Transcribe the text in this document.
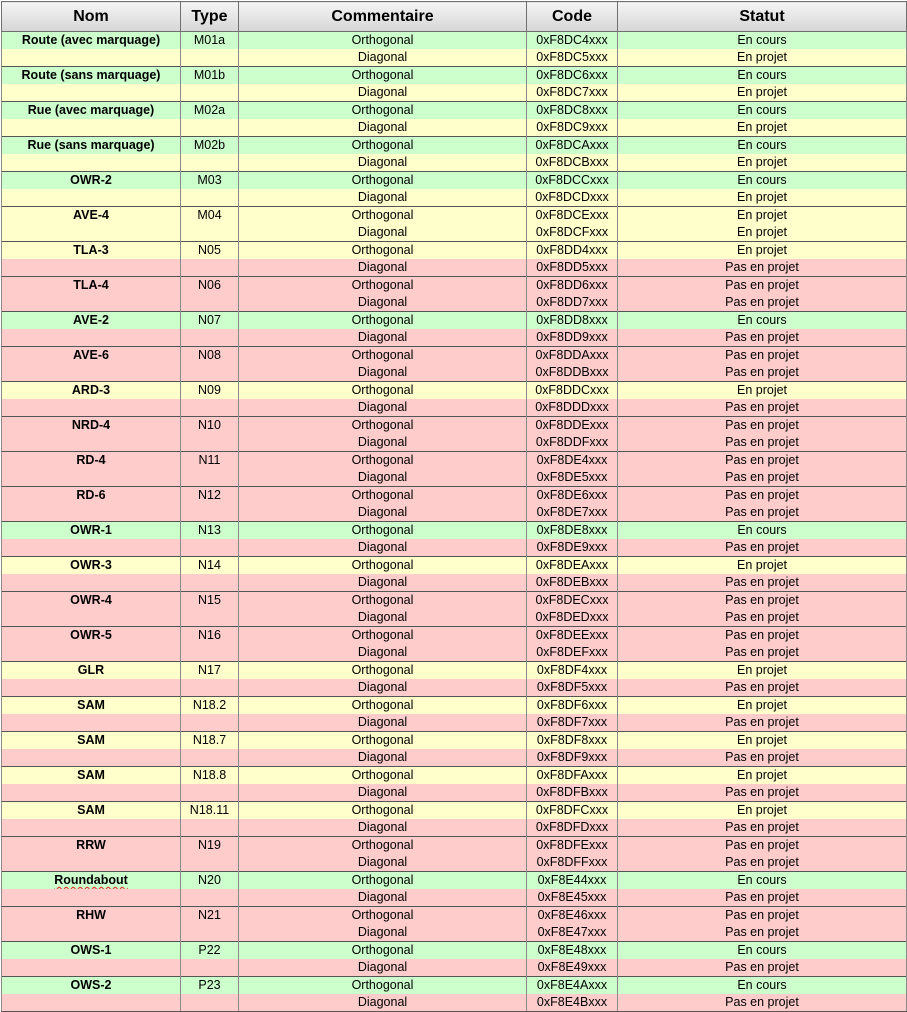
Nom	Type	Commentaire	Code	Statut
Route (avec marquage)	M01a	Orthogonal	0xF8DC4xxx	En cours
		Diagonal	0xF8DC5xxx	En projet
Route (sans marquage)	M01b	Orthogonal	0xF8DC6xxx	En cours
		Diagonal	0xF8DC7xxx	En projet
Rue (avec marquage)	M02a	Orthogonal	0xF8DC8xxx	En cours
		Diagonal	0xF8DC9xxx	En projet
Rue (sans marquage)	M02b	Orthogonal	0xF8DCAxxx	En cours
		Diagonal	0xF8DCBxxx	En projet
OWR-2	M03	Orthogonal	0xF8DCCxxx	En cours
		Diagonal	0xF8DCDxxx	En projet
AVE-4	M04	Orthogonal	0xF8DCExxx	En projet
		Diagonal	0xF8DCFxxx	En projet
TLA-3	N05	Orthogonal	0xF8DD4xxx	En projet
		Diagonal	0xF8DD5xxx	Pas en projet
TLA-4	N06	Orthogonal	0xF8DD6xxx	Pas en projet
		Diagonal	0xF8DD7xxx	Pas en projet
AVE-2	N07	Orthogonal	0xF8DD8xxx	En cours
		Diagonal	0xF8DD9xxx	Pas en projet
AVE-6	N08	Orthogonal	0xF8DDAxxx	Pas en projet
		Diagonal	0xF8DDBxxx	Pas en projet
ARD-3	N09	Orthogonal	0xF8DDCxxx	En projet
		Diagonal	0xF8DDDxxx	Pas en projet
NRD-4	N10	Orthogonal	0xF8DDExxx	Pas en projet
		Diagonal	0xF8DDFxxx	Pas en projet
RD-4	N11	Orthogonal	0xF8DE4xxx	Pas en projet
		Diagonal	0xF8DE5xxx	Pas en projet
RD-6	N12	Orthogonal	0xF8DE6xxx	Pas en projet
		Diagonal	0xF8DE7xxx	Pas en projet
OWR-1	N13	Orthogonal	0xF8DE8xxx	En cours
		Diagonal	0xF8DE9xxx	Pas en projet
OWR-3	N14	Orthogonal	0xF8DEAxxx	En projet
		Diagonal	0xF8DEBxxx	Pas en projet
OWR-4	N15	Orthogonal	0xF8DECxxx	Pas en projet
		Diagonal	0xF8DEDxxx	Pas en projet
OWR-5	N16	Orthogonal	0xF8DEExxx	Pas en projet
		Diagonal	0xF8DEFxxx	Pas en projet
GLR	N17	Orthogonal	0xF8DF4xxx	En projet
		Diagonal	0xF8DF5xxx	Pas en projet
SAM	N18.2	Orthogonal	0xF8DF6xxx	En projet
		Diagonal	0xF8DF7xxx	Pas en projet
SAM	N18.7	Orthogonal	0xF8DF8xxx	En projet
		Diagonal	0xF8DF9xxx	Pas en projet
SAM	N18.8	Orthogonal	0xF8DFAxxx	En projet
		Diagonal	0xF8DFBxxx	Pas en projet
SAM	N18.11	Orthogonal	0xF8DFCxxx	En projet
		Diagonal	0xF8DFDxxx	Pas en projet
RRW	N19	Orthogonal	0xF8DFExxx	Pas en projet
		Diagonal	0xF8DFFxxx	Pas en projet
Roundabout	N20	Orthogonal	0xF8E44xxx	En cours
		Diagonal	0xF8E45xxx	Pas en projet
RHW	N21	Orthogonal	0xF8E46xxx	Pas en projet
		Diagonal	0xF8E47xxx	Pas en projet
OWS-1	P22	Orthogonal	0xF8E48xxx	En cours
		Diagonal	0xF8E49xxx	Pas en projet
OWS-2	P23	Orthogonal	0xF8E4Axxx	En cours
		Diagonal	0xF8E4Bxxx	Pas en projet
